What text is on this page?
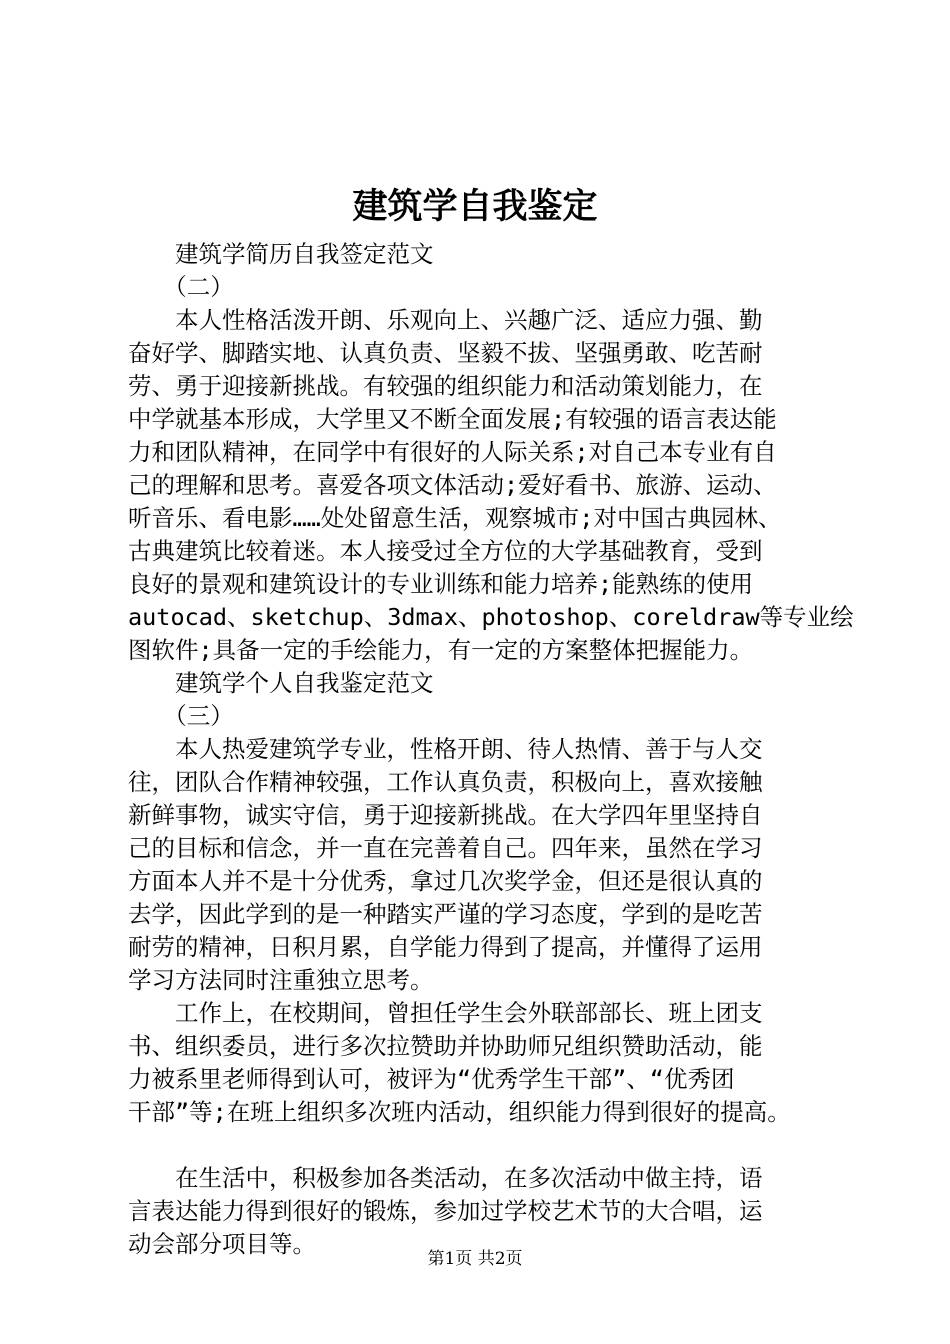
建筑学自我鉴定
　　建筑学简历自我签定范文
　　（二）
　　本人性格活泼开朗、乐观向上、兴趣广泛、适应力强、勤
奋好学、脚踏实地、认真负责、坚毅不拔、坚强勇敢、吃苦耐
劳、勇于迎接新挑战。有较强的组织能力和活动策划能力，在
中学就基本形成，大学里又不断全面发展;有较强的语言表达能
力和团队精神，在同学中有很好的人际关系;对自己本专业有自
己的理解和思考。喜爱各项文体活动;爱好看书、旅游、运动、
听音乐、看电影……处处留意生活，观察城市;对中国古典园林、
古典建筑比较着迷。本人接受过全方位的大学基础教育，受到
良好的景观和建筑设计的专业训练和能力培养;能熟练的使用
autocad、sketchup、3dmax、photoshop、coreldraw等专业绘
图软件;具备一定的手绘能力，有一定的方案整体把握能力。
　　建筑学个人自我鉴定范文
　　（三）
　　本人热爱建筑学专业，性格开朗、待人热情、善于与人交
往，团队合作精神较强，工作认真负责，积极向上，喜欢接触
新鲜事物，诚实守信，勇于迎接新挑战。在大学四年里坚持自
己的目标和信念，并一直在完善着自己。四年来，虽然在学习
方面本人并不是十分优秀，拿过几次奖学金，但还是很认真的
去学，因此学到的是一种踏实严谨的学习态度，学到的是吃苦
耐劳的精神，日积月累，自学能力得到了提高，并懂得了运用
学习方法同时注重独立思考。
　　工作上，在校期间，曾担任学生会外联部部长、班上团支
书、组织委员，进行多次拉赞助并协助师兄组织赞助活动，能
力被系里老师得到认可，被评为“优秀学生干部”、“优秀团
干部”等;在班上组织多次班内活动，组织能力得到很好的提高。
　　在生活中，积极参加各类活动，在多次活动中做主持，语
言表达能力得到很好的锻炼，参加过学校艺术节的大合唱，运
动会部分项目等。
第1页 共2页
